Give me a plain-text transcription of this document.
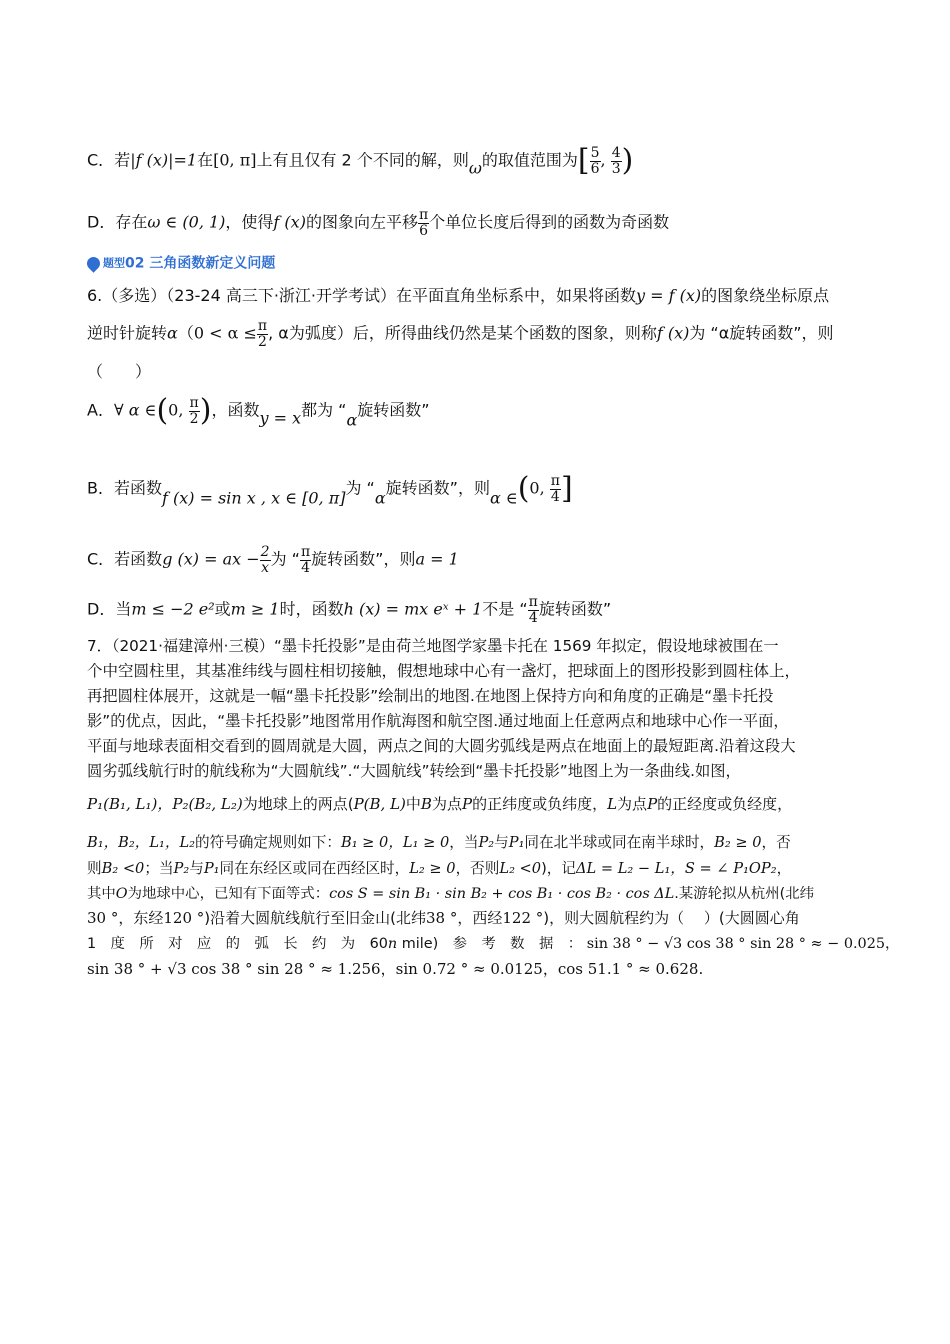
C．若|f (x)|=1在[0, π]上有且仅有 2 个不同的解，则ω的取值范围为[ $\frac{5}{6}$ , $\frac{4}{3}$ )
D．存在ω ∈ (0, 1)，使得f (x)的图象向左平移 $\frac{\pi}{6}$ 个单位长度后得到的函数为奇函数
题型02 三角函数新定义问题
6.（多选）（23-24 高三下·浙江·开学考试）在平面直角坐标系中，如果将函数y = f (x)的图象绕坐标原点
逆时针旋转$\alpha(0 < \alpha \le \frac{\pi}{2}$ , α为弧度）后，所得曲线仍然是某个函数的图象，则称f (x)为 “α旋转函数”，则
（　　）
A．∀ α ∈(0, $\frac{\pi}{2}$ )，函数y = x都为 “α旋转函数”
B．若函数f (x) = sin x , x ∈ [0, π]为 “α旋转函数”，则α ∈(0, $\frac{\pi}{4}$ ]
C．若函数g (x) = ax − $\frac{2}{x}$ 为 “ $\frac{\pi}{4}$ 旋转函数”，则a = 1
D．当m ≤ −2 e²或m ≥ 1时，函数h (x) = mx eˣ + 1不是 “ $\frac{\pi}{4}$ 旋转函数”
7．（2021·福建漳州·三模）“墨卡托投影”是由荷兰地图学家墨卡托在 1569 年拟定，假设地球被围在一
个中空圆柱里，其基准纬线与圆柱相切接触，假想地球中心有一盏灯，把球面上的图形投影到圆柱体上，
再把圆柱体展开，这就是一幅“墨卡托投影”绘制出的地图.在地图上保持方向和角度的正确是“墨卡托投
影”的优点，因此，“墨卡托投影”地图常用作航海图和航空图.通过地面上任意两点和地球中心作一平面，
平面与地球表面相交看到的圆周就是大圆，两点之间的大圆劣弧线是两点在地面上的最短距离.沿着这段大
圆劣弧线航行时的航线称为“大圆航线”.“大圆航线”转绘到“墨卡托投影”地图上为一条曲线.如图，
P₁(B₁, L₁)，P₂(B₂, L₂)为地球上的两点(P(B, L)中B为点P的正纬度或负纬度，L为点P的正经度或负经度，
B₁，B₂，L₁，L₂的符号确定规则如下：B₁ ≥ 0，L₁ ≥ 0，当P₂与P₁同在北半球或同在南半球时，B₂ ≥ 0，否
则B₂ <0；当P₂与P₁同在东经区或同在西经区时，L₂ ≥ 0，否则L₂ <0)，记ΔL = L₂ − L₁，S = ∠ P₁OP₂，
其中O为地球中心，已知有下面等式：cos S = sin B₁ · sin B₂ + cos B₁ · cos B₂ · cos ΔL.某游轮拟从杭州(北纬
30 °，东经120 °)沿着大圆航线航行至旧金山(北纬38 °，西经122 °)，则大圆航程约为（　 ）(大圆圆心角
1　度　所　对　应　的　弧　长　约　为　60n mile)　参　考　数　据　： sin 38 ° − √3 cos 38 ° sin 28 ° ≈ − 0.025，
sin 38 ° + √3 cos 38 ° sin 28 ° ≈ 1.256，sin 0.72 ° ≈ 0.0125，cos 51.1 ° ≈ 0.628.
